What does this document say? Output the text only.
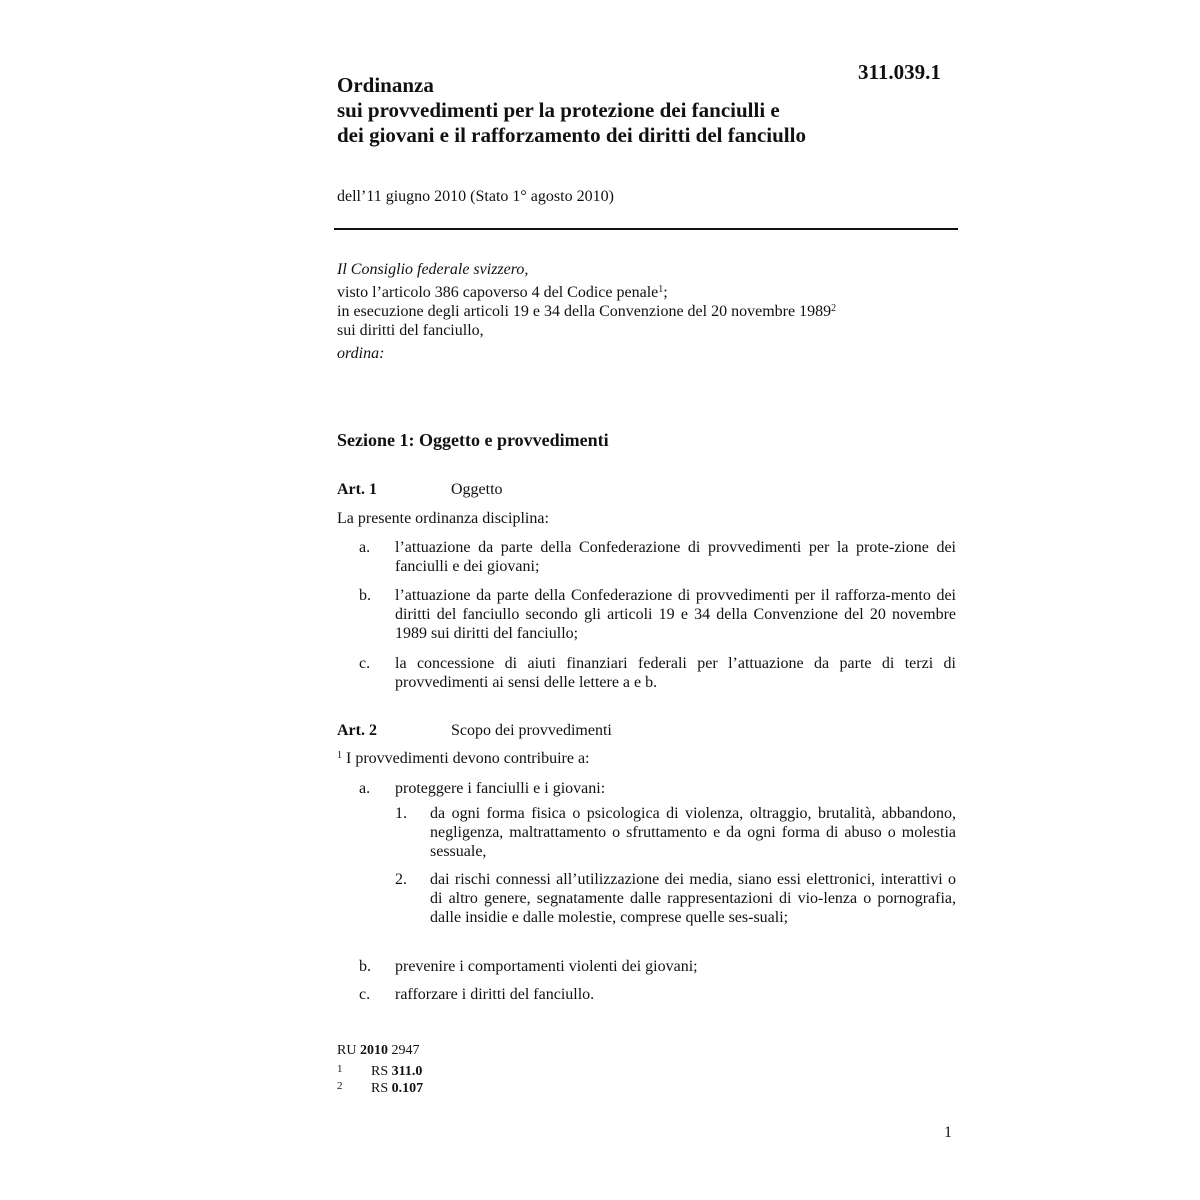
311.039.1
Ordinanza
sui provvedimenti per la protezione dei fanciulli e
dei giovani e il rafforzamento dei diritti del fanciullo
dell’11 giugno 2010 (Stato 1° agosto 2010)
Il Consiglio federale svizzero,
visto l’articolo 386 capoverso 4 del Codice penale$^1$;
in esecuzione degli articoli 19 e 34 della Convenzione del 20 novembre 1989$^2$
sui diritti del fanciullo,
ordina:
Sezione 1: Oggetto e provvedimenti
Art. 1	Oggetto
La presente ordinanza disciplina:
a. l’attuazione da parte della Confederazione di provvedimenti per la prote-zione dei fanciulli e dei giovani;
b. l’attuazione da parte della Confederazione di provvedimenti per il rafforza-mento dei diritti del fanciullo secondo gli articoli 19 e 34 della Convenzione del 20 novembre 1989 sui diritti del fanciullo;
c. la concessione di aiuti finanziari federali per l’attuazione da parte di terzi di provvedimenti ai sensi delle lettere a e b.
Art. 2	Scopo dei provvedimenti
$^1$ I provvedimenti devono contribuire a:
a. proteggere i fanciulli e i giovani:
1. da ogni forma fisica o psicologica di violenza, oltraggio, brutalità, abbandono, negligenza, maltrattamento o sfruttamento e da ogni forma di abuso o molestia sessuale,
2. dai rischi connessi all’utilizzazione dei media, siano essi elettronici, interattivi o di altro genere, segnatamente dalle rappresentazioni di vio-lenza o pornografia, dalle insidie e dalle molestie, comprese quelle ses-suali;
b. prevenire i comportamenti violenti dei giovani;
c. rafforzare i diritti del fanciullo.
RU 2010 2947
1 RS 311.0
2 RS 0.107
1
